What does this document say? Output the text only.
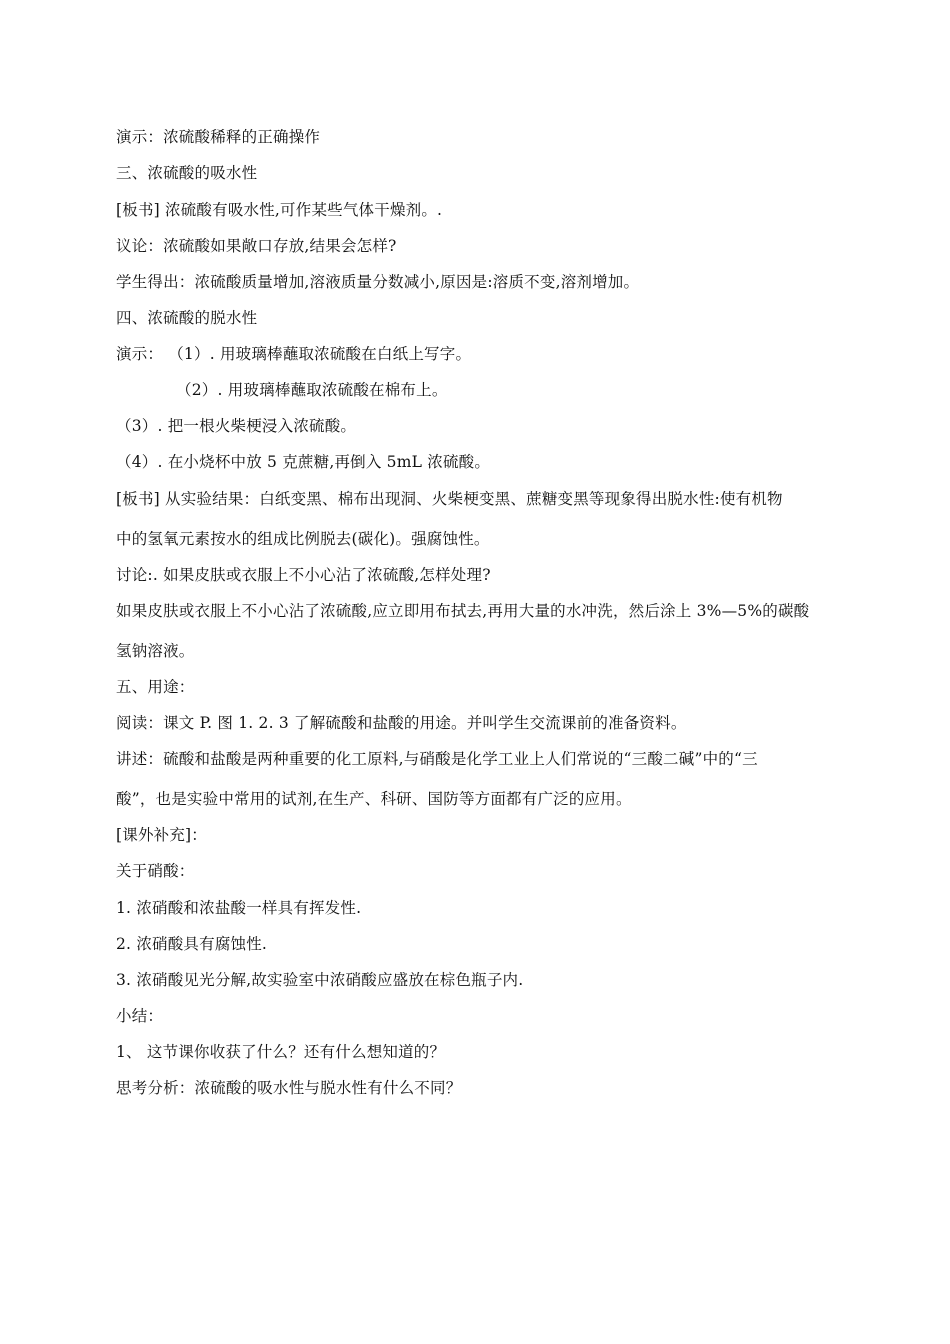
演示：浓硫酸稀释的正确操作
三、浓硫酸的吸水性
[板书] 浓硫酸有吸水性,可作某些气体干燥剂。.
议论：浓硫酸如果敞口存放,结果会怎样?
学生得出：浓硫酸质量增加,溶液质量分数减小,原因是:溶质不变,溶剂增加。
四、浓硫酸的脱水性
演示： （1）. 用玻璃棒蘸取浓硫酸在白纸上写字。
（2）. 用玻璃棒蘸取浓硫酸在棉布上。
（3）. 把一根火柴梗浸入浓硫酸。
（4）. 在小烧杯中放 5 克蔗糖,再倒入 5mL 浓硫酸。
[板书] 从实验结果：白纸变黑、棉布出现洞、火柴梗变黑、蔗糖变黑等现象得出脱水性:使有机物
中的氢氧元素按水的组成比例脱去(碳化)。强腐蚀性。
讨论:. 如果皮肤或衣服上不小心沾了浓硫酸,怎样处理?
如果皮肤或衣服上不小心沾了浓硫酸,应立即用布拭去,再用大量的水冲洗，然后涂上 3%—5%的碳酸
氢钠溶液。
五、用途：
阅读：课文 P. 图 1. 2. 3 了解硫酸和盐酸的用途。并叫学生交流课前的准备资料。
讲述：硫酸和盐酸是两种重要的化工原料,与硝酸是化学工业上人们常说的“三酸二碱”中的“三
酸”，也是实验中常用的试剂,在生产、科研、国防等方面都有广泛的应用。
[课外补充]：
关于硝酸：
1. 浓硝酸和浓盐酸一样具有挥发性.
2. 浓硝酸具有腐蚀性.
3. 浓硝酸见光分解,故实验室中浓硝酸应盛放在棕色瓶子内.
小结：
1、 这节课你收获了什么？还有什么想知道的？
思考分析：浓硫酸的吸水性与脱水性有什么不同？
